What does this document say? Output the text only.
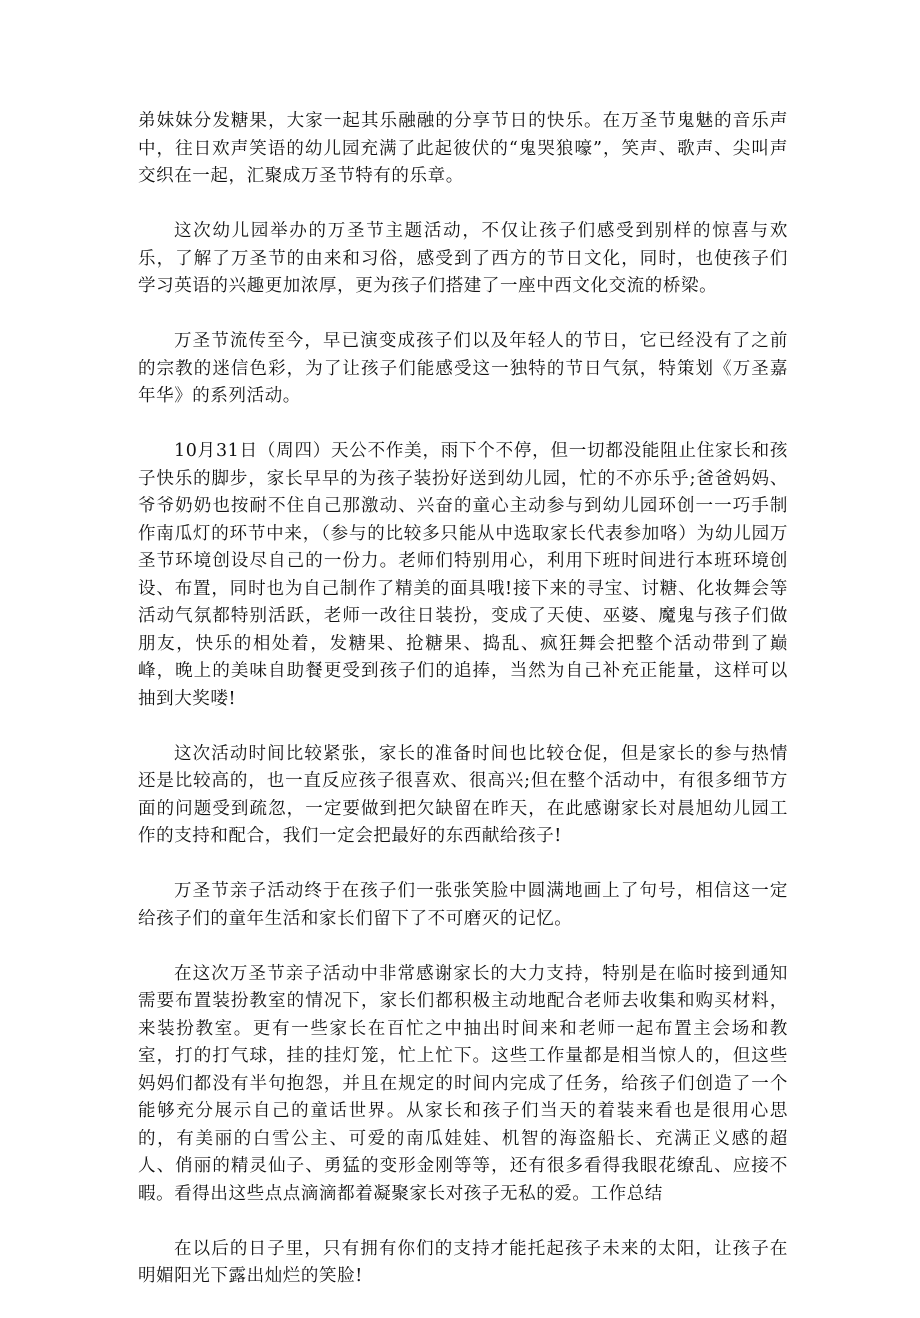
弟妹妹分发糖果，大家一起其乐融融的分享节日的快乐。在万圣节鬼魅的音乐声中，往日欢声笑语的幼儿园充满了此起彼伏的“鬼哭狼嚎”，笑声、歌声、尖叫声交织在一起，汇聚成万圣节特有的乐章。

这次幼儿园举办的万圣节主题活动，不仅让孩子们感受到别样的惊喜与欢乐，了解了万圣节的由来和习俗，感受到了西方的节日文化，同时，也使孩子们学习英语的兴趣更加浓厚，更为孩子们搭建了一座中西文化交流的桥梁。

万圣节流传至今，早已演变成孩子们以及年轻人的节日，它已经没有了之前的宗教的迷信色彩，为了让孩子们能感受这一独特的节日气氛，特策划《万圣嘉年华》的系列活动。

10月31日（周四）天公不作美，雨下个不停，但一切都没能阻止住家长和孩子快乐的脚步，家长早早的为孩子装扮好送到幼儿园，忙的不亦乐乎;爸爸妈妈、爷爷奶奶也按耐不住自己那激动、兴奋的童心主动参与到幼儿园环创一一巧手制作南瓜灯的环节中来，（参与的比较多只能从中选取家长代表参加咯）为幼儿园万圣节环境创设尽自己的一份力。老师们特别用心，利用下班时间进行本班环境创设、布置，同时也为自己制作了精美的面具哦!接下来的寻宝、讨糖、化妆舞会等活动气氛都特别活跃，老师一改往日装扮，变成了天使、巫婆、魔鬼与孩子们做朋友，快乐的相处着，发糖果、抢糖果、捣乱、疯狂舞会把整个活动带到了巅峰，晚上的美味自助餐更受到孩子们的追捧，当然为自己补充正能量，这样可以抽到大奖喽!

这次活动时间比较紧张，家长的准备时间也比较仓促，但是家长的参与热情还是比较高的，也一直反应孩子很喜欢、很高兴;但在整个活动中，有很多细节方面的问题受到疏忽，一定要做到把欠缺留在昨天，在此感谢家长对晨旭幼儿园工作的支持和配合，我们一定会把最好的东西献给孩子!

万圣节亲子活动终于在孩子们一张张笑脸中圆满地画上了句号，相信这一定给孩子们的童年生活和家长们留下了不可磨灭的记忆。

在这次万圣节亲子活动中非常感谢家长的大力支持，特别是在临时接到通知需要布置装扮教室的情况下，家长们都积极主动地配合老师去收集和购买材料，来装扮教室。更有一些家长在百忙之中抽出时间来和老师一起布置主会场和教室，打的打气球，挂的挂灯笼，忙上忙下。这些工作量都是相当惊人的，但这些妈妈们都没有半句抱怨，并且在规定的时间内完成了任务，给孩子们创造了一个能够充分展示自己的童话世界。从家长和孩子们当天的着装来看也是很用心思的，有美丽的白雪公主、可爱的南瓜娃娃、机智的海盗船长、充满正义感的超人、俏丽的精灵仙子、勇猛的变形金刚等等，还有很多看得我眼花缭乱、应接不暇。看得出这些点点滴滴都着凝聚家长对孩子无私的爱。工作总结

在以后的日子里，只有拥有你们的支持才能托起孩子未来的太阳，让孩子在明媚阳光下露出灿烂的笑脸!
